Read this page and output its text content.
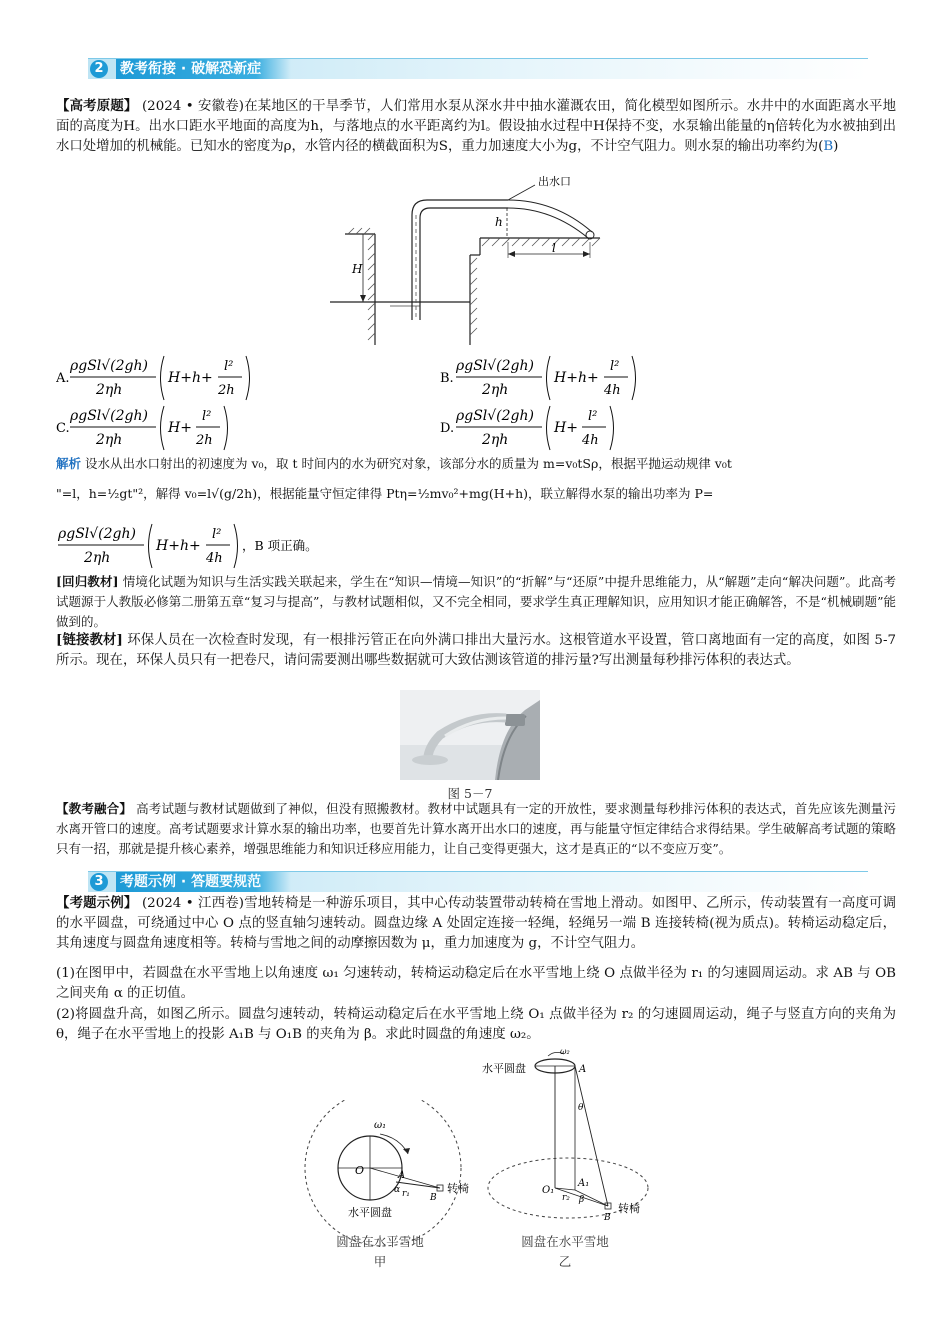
2	教考衔接 · 破解恐新症
【高考原题】 (2024 • 安徽卷)在某地区的干旱季节，人们常用水泵从深水井中抽水灌溉农田，简化模型如图所示。水井中的水面距离水平地面的高度为H。出水口距水平地面的高度为h，与落地点的水平距离约为l。假设抽水过程中H保持不变，水泵输出能量的η倍转化为水被抽到出水口处增加的机械能。已知水的密度为ρ，水管内径的横截面积为S，重力加速度大小为g，不计空气阻力。则水泵的输出功率约为(B)
H
出水口
h
l
A.
ρgSl√(2gh)
2ηh
H+h+
l²
2h
B.
ρgSl√(2gh)
2ηh
H+h+
l²
4h
C.
ρgSl√(2gh)
2ηh
H+
l²
2h
D.
ρgSl√(2gh)
2ηh
H+
l²
4h
解析 设水从出水口射出的初速度为 v₀，取 t 时间内的水为研究对象，该部分水的质量为 m=v₀tSρ，根据平抛运动规律 v₀t
"=l，h=½gt"²，解得 v₀=l√(g/2h)，根据能量守恒定律得 Ptη=½mv₀²+mg(H+h)，联立解得水泵的输出功率为 P=
ρgSl√(2gh)
2ηh
H+h+
l²
4h
，B 项正确。
[回归教材] 情境化试题为知识与生活实践关联起来，学生在“知识—情境—知识”的“折解”与“还原”中提升思维能力，从“解题”走向“解决问题”。此高考试题源于人教版必修第二册第五章“复习与提高”，与教材试题相似，又不完全相同，要求学生真正理解知识，应用知识才能正确解答，不是“机械刷题”能做到的。
[链接教材] 环保人员在一次检查时发现，有一根排污管正在向外满口排出大量污水。这根管道水平设置，管口离地面有一定的高度，如图 5-7 所示。现在，环保人员只有一把卷尺，请问需要测出哪些数据就可大致估测该管道的排污量?写出测量每秒排污体积的表达式。
图 5－7
【教考融合】 高考试题与教材试题做到了神似，但没有照搬教材。教材中试题具有一定的开放性，要求测量每秒排污体积的表达式，首先应该先测量污水离开管口的速度。高考试题要求计算水泵的输出功率，也要首先计算水离开出水口的速度，再与能量守恒定律结合求得结果。学生破解高考试题的策略只有一招，那就是提升核心素养，增强思维能力和知识迁移应用能力，让自己变得更强大，这才是真正的“以不变应万变”。
3	考题示例 · 答题要规范
【考题示例】 (2024 • 江西卷)雪地转椅是一种游乐项目，其中心传动装置带动转椅在雪地上滑动。如图甲、乙所示，传动装置有一高度可调的水平圆盘，可绕通过中心 O 点的竖直轴匀速转动。圆盘边缘 A 处固定连接一轻绳，轻绳另一端 B 连接转椅(视为质点)。转椅运动稳定后，其角速度与圆盘角速度相等。转椅与雪地之间的动摩擦因数为 μ，重力加速度为 g，不计空气阻力。
(1)在图甲中，若圆盘在水平雪地上以角速度 ω₁ 匀速转动，转椅运动稳定后在水平雪地上绕 O 点做半径为 r₁ 的匀速圆周运动。求 AB 与 OB 之间夹角 α 的正切值。
(2)将圆盘升高，如图乙所示。圆盘匀速转动，转椅运动稳定后在水平雪地上绕 O₁ 点做半径为 r₂ 的匀速圆周运动，绳子与竖直方向的夹角为 θ，绳子在水平雪地上的投影 A₁B 与 O₁B 的夹角为 β。求此时圆盘的角速度 ω₂。
ω₁
O	A
α r₁ B
水平圆盘
转椅
圆盘在水平雪地
甲
ω₂
水平圆盘	A
θ
O₁
A₁
r₂ β
B
转椅
圆盘在水平雪地
乙
